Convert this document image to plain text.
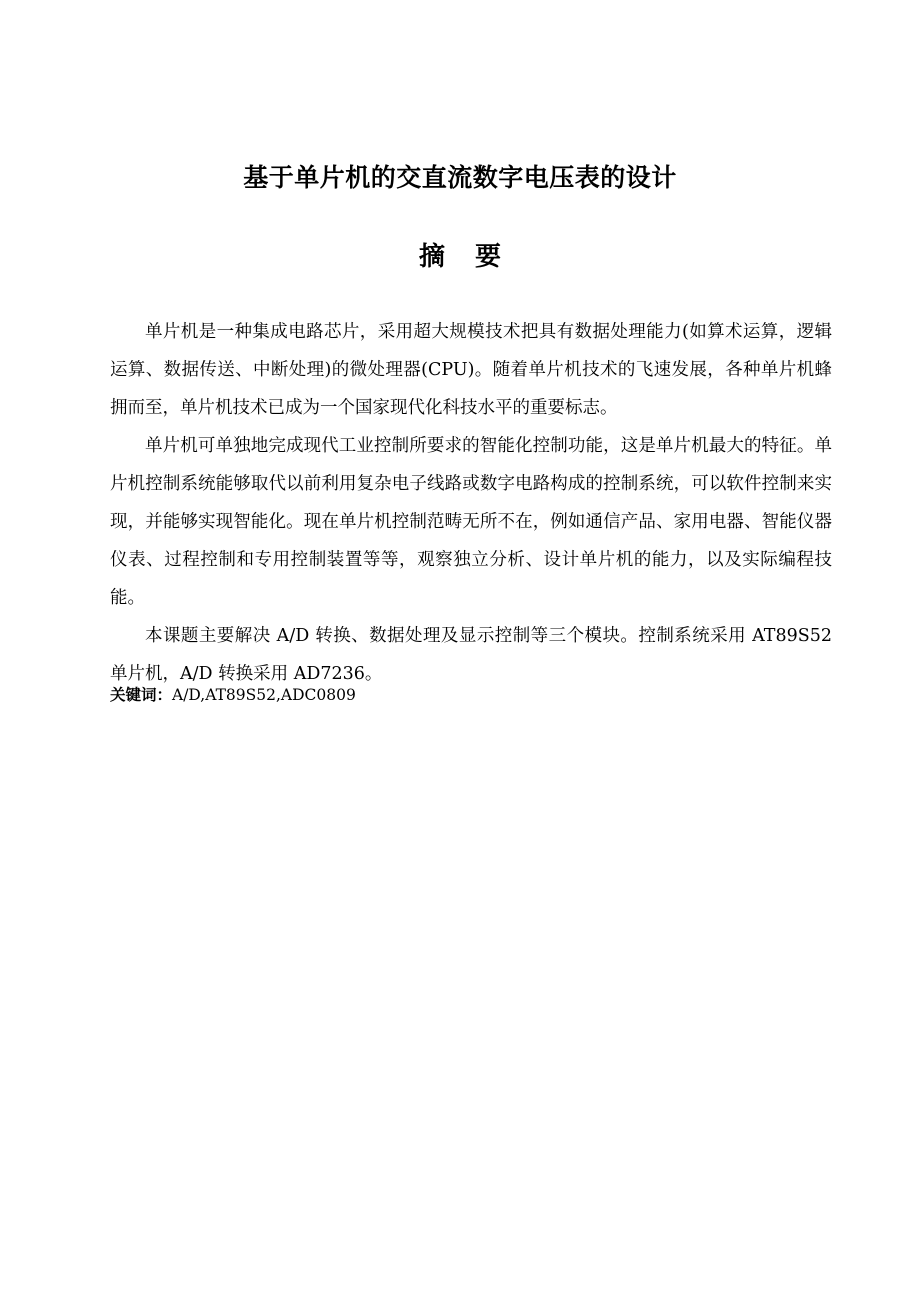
基于单片机的交直流数字电压表的设计
摘 要

单片机是一种集成电路芯片，采用超大规模技术把具有数据处理能力(如算术运算，逻辑运算、数据传送、中断处理)的微处理器(CPU)。随着单片机技术的飞速发展，各种单片机蜂拥而至，单片机技术已成为一个国家现代化科技水平的重要标志。

单片机可单独地完成现代工业控制所要求的智能化控制功能，这是单片机最大的特征。单片机控制系统能够取代以前利用复杂电子线路或数字电路构成的控制系统，可以软件控制来实现，并能够实现智能化。现在单片机控制范畴无所不在，例如通信产品、家用电器、智能仪器仪表、过程控制和专用控制装置等等，观察独立分析、设计单片机的能力，以及实际编程技能。

本课题主要解决 A/D 转换、数据处理及显示控制等三个模块。控制系统采用 AT89S52 单片机，A/D 转换采用 AD7236。

关键词：A/D,AT89S52,ADC0809
